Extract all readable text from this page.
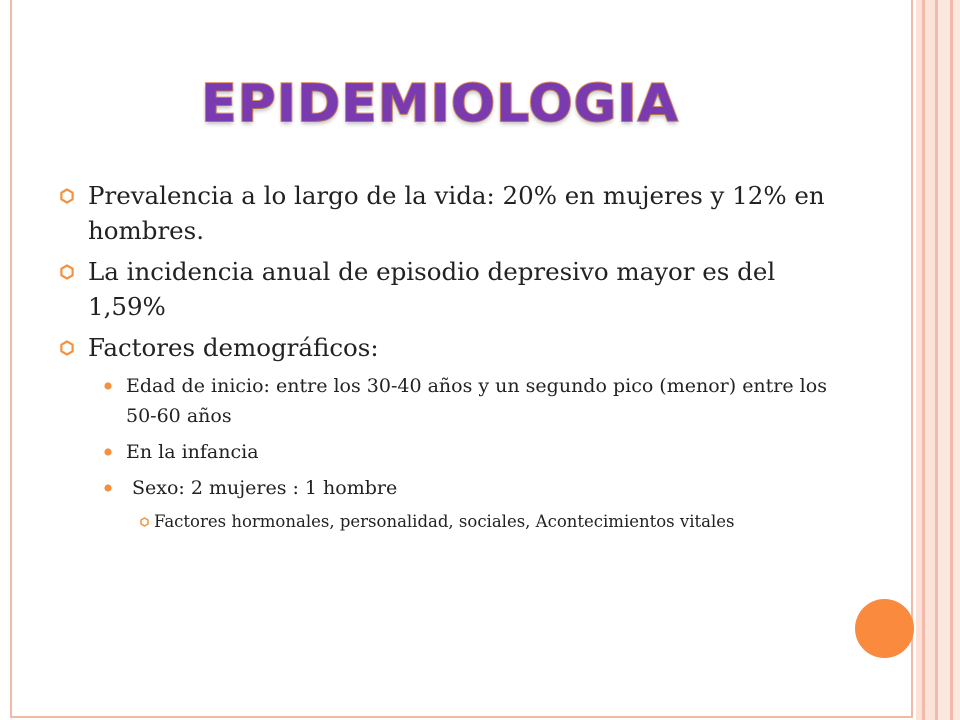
EPIDEMIOLOGIA
Prevalencia a lo largo de la vida: 20% en mujeres y 12% en hombres.
La incidencia anual de episodio depresivo mayor es del 1,59%
Factores demográficos:
Edad de inicio: entre los 30-40 años y un segundo pico (menor) entre los 50-60 años
En la infancia
Sexo: 2 mujeres : 1 hombre
Factores hormonales, personalidad, sociales, Acontecimientos vitales
